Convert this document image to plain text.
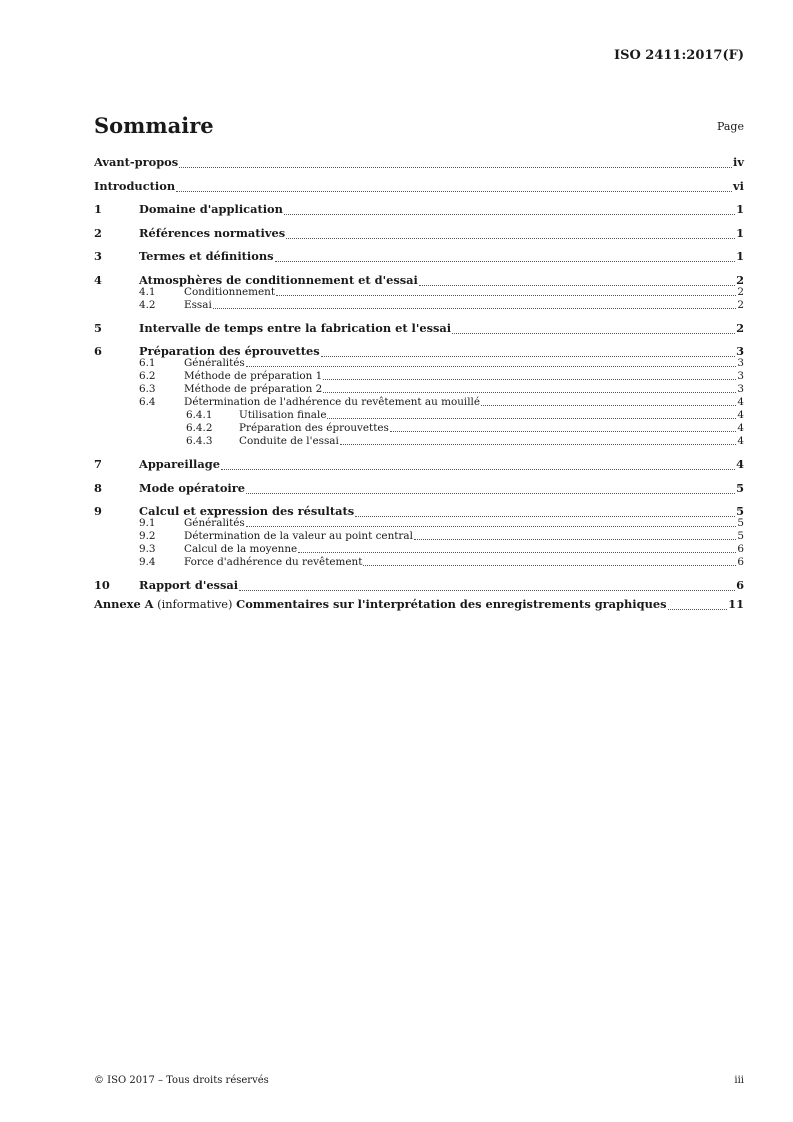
ISO 2411:2017(F)
Sommaire	Page
Avant-propos	iv
Introduction	vi
1	Domaine d'application	1
2	Références normatives	1
3	Termes et définitions	1
4	Atmosphères de conditionnement et d'essai	2
4.1	Conditionnement	2
4.2	Essai	2
5	Intervalle de temps entre la fabrication et l'essai	2
6	Préparation des éprouvettes	3
6.1	Généralités	3
6.2	Méthode de préparation 1	3
6.3	Méthode de préparation 2	3
6.4	Détermination de l'adhérence du revêtement au mouillé	4
6.4.1	Utilisation finale	4
6.4.2	Préparation des éprouvettes	4
6.4.3	Conduite de l'essai	4
7	Appareillage	4
8	Mode opératoire	5
9	Calcul et expression des résultats	5
9.1	Généralités	5
9.2	Détermination de la valeur au point central	5
9.3	Calcul de la moyenne	6
9.4	Force d'adhérence du revêtement	6
10	Rapport d'essai	6
Annexe A (informative) Commentaires sur l'interprétation des enregistrements graphiques	11
© ISO 2017 – Tous droits réservés	iii
